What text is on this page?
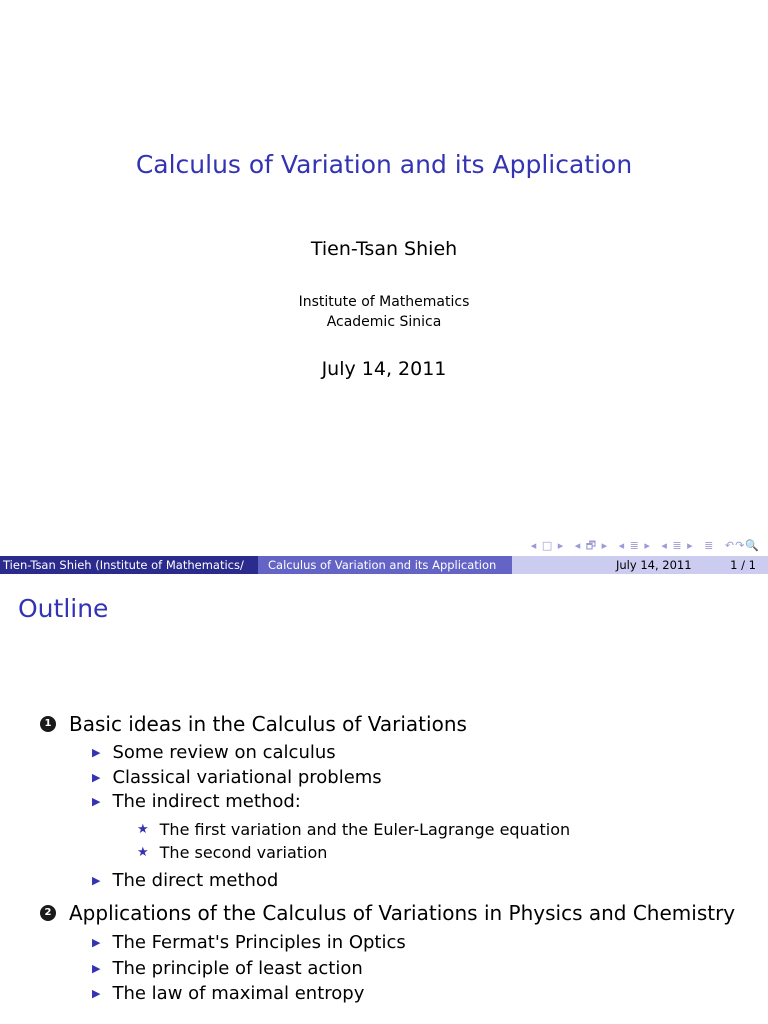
Calculus of Variation and its Application
Tien-Tsan Shieh
Institute of Mathematics
Academic Sinica
July 14, 2011
◂ □ ▸ ◂ 🗗 ▸ ◂ ≣ ▸ ◂ ≣ ▸ ≣ ↶↷🔍
Tien-Tsan Shieh (Institute of Mathematics/	Calculus of Variation and its Application	July 14, 2011	1 / 1
Outline
1 Basic ideas in the Calculus of Variations
▶ Some review on calculus
▶ Classical variational problems
▶ The indirect method:
★ The first variation and the Euler-Lagrange equation
★ The second variation
▶ The direct method
2 Applications of the Calculus of Variations in Physics and Chemistry
▶ The Fermat's Principles in Optics
▶ The principle of least action
▶ The law of maximal entropy
